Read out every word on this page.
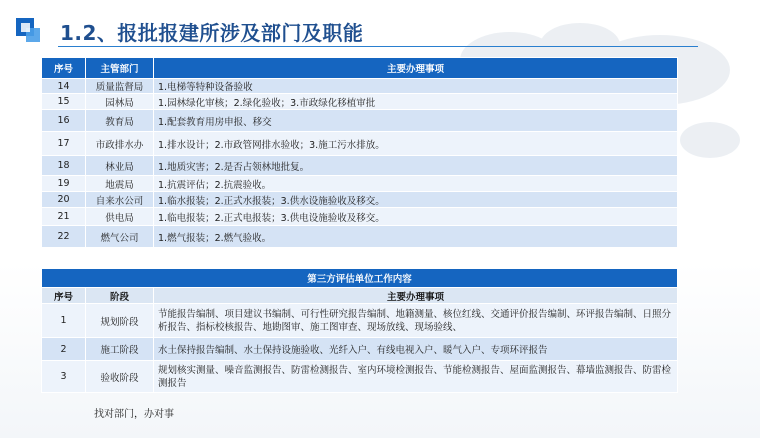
1.2、报批报建所涉及部门及职能
序号	主管部门	主要办理事项
14	质量监督局	1.电梯等特种设备验收
15	园林局	1.园林绿化审核；2.绿化验收；3.市政绿化移植审批
16	教育局	1.配套教育用房申报、移交
17	市政排水办	1.排水设计；2.市政管网排水验收；3.施工污水排放。
18	林业局	1.地质灾害；2.是否占领林地批复。
19	地震局	1.抗震评估；2.抗震验收。
20	自来水公司	1.临水报装；2.正式水报装；3.供水设施验收及移交。
21	供电局	1.临电报装；2.正式电报装；3.供电设施验收及移交。
22	燃气公司	1.燃气报装；2.燃气验收。
第三方评估单位工作内容		
序号	阶段	主要办理事项
1	规划阶段	节能报告编制、项目建议书编制、可行性研究报告编制、地籍测量、核位红线、交通评价报告编制、环评报告编制、日照分析报告、指标校核报告、地勘图审、施工图审查、现场放线、现场验线、
2	施工阶段	水土保持报告编制、水土保持设施验收、光纤入户、有线电视入户、暖气入户、专项环评报告
3	验收阶段	规划核实测量、噪音监测报告、防雷检测报告、室内环境检测报告、节能检测报告、屋面监测报告、幕墙监测报告、防雷检测报告
找对部门，办对事
